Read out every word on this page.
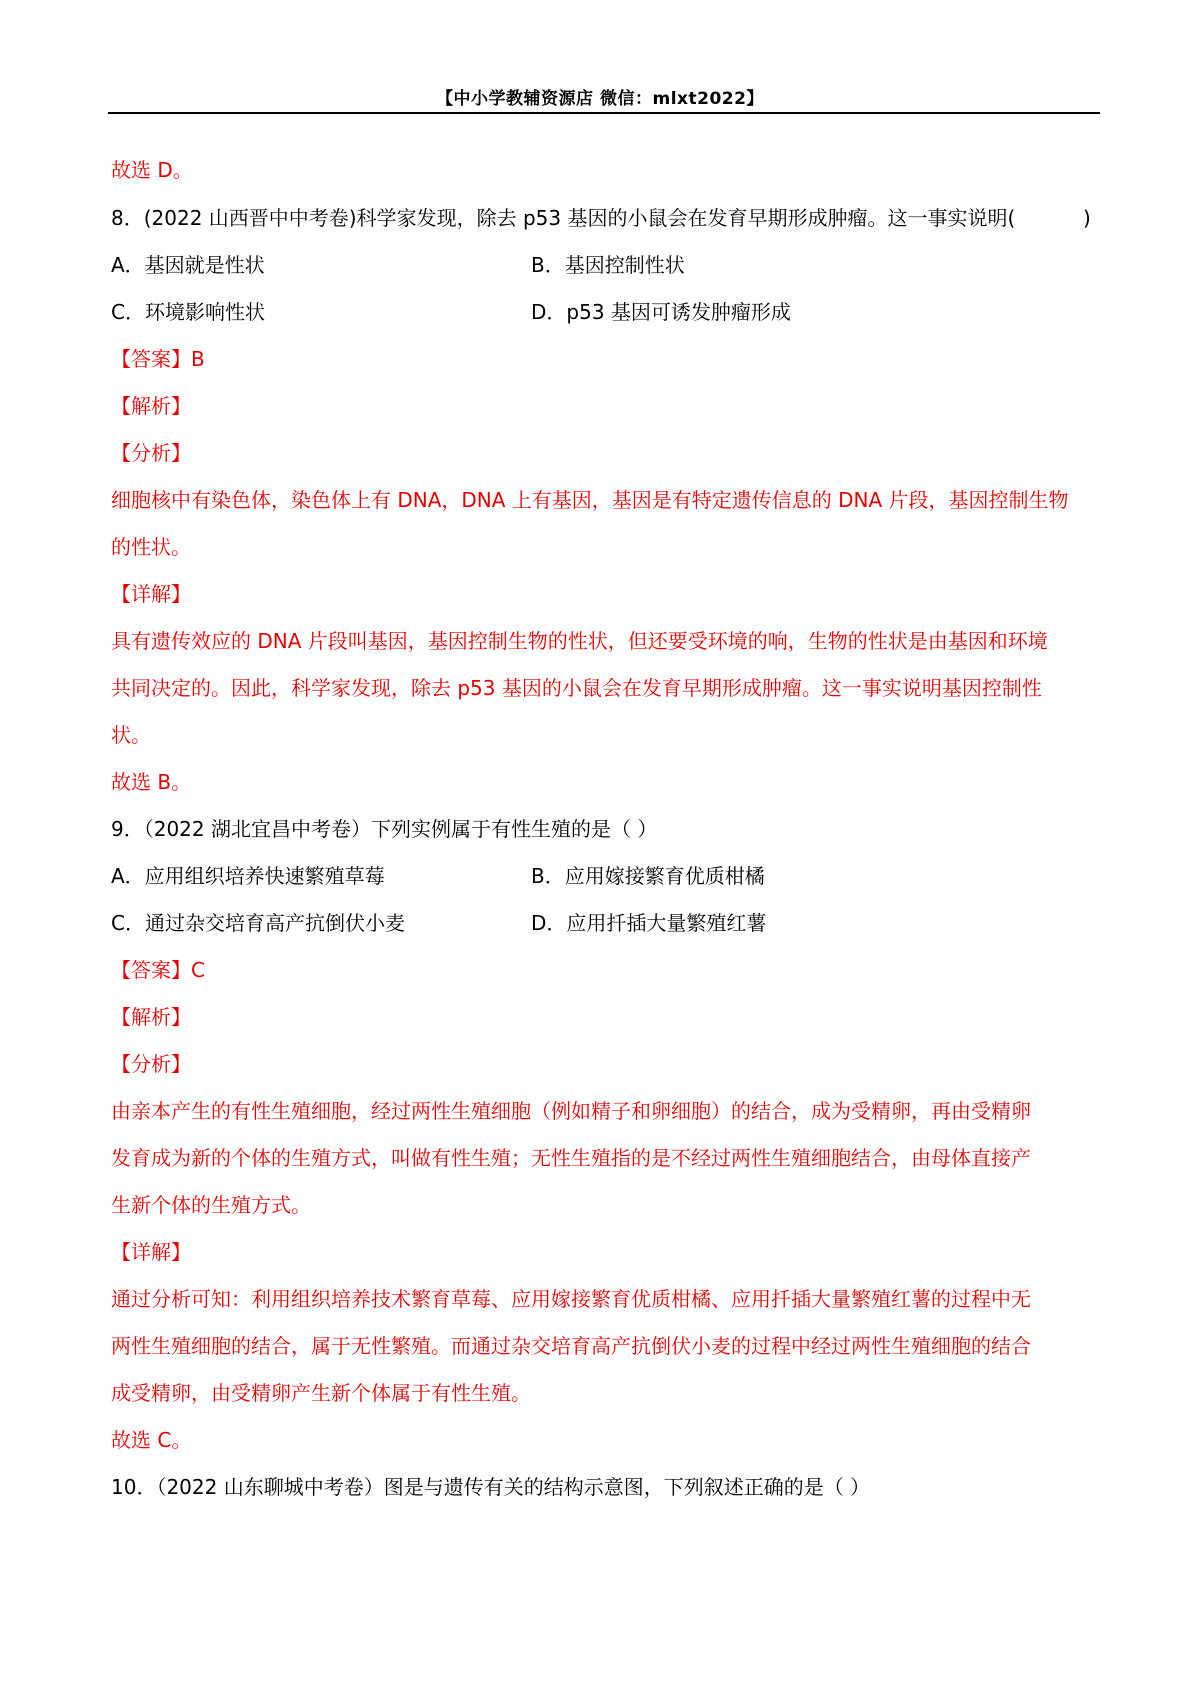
【中小学教辅资源店 微信：mlxt2022】
故选 D。
8．(2022 山西晋中中考卷)科学家发现，除去 p53 基因的小鼠会在发育早期形成肿瘤。这一事实说明(	)
A．基因就是性状	B．基因控制性状
C．环境影响性状	D．p53 基因可诱发肿瘤形成
【答案】B
【解析】
【分析】
细胞核中有染色体，染色体上有 DNA，DNA 上有基因，基因是有特定遗传信息的 DNA 片段，基因控制生物
的性状。
【详解】
具有遗传效应的 DNA 片段叫基因，基因控制生物的性状，但还要受环境的响，生物的性状是由基因和环境
共同决定的。因此，科学家发现，除去 p53 基因的小鼠会在发育早期形成肿瘤。这一事实说明基因控制性
状。
故选 B。
9．（2022 湖北宜昌中考卷）下列实例属于有性生殖的是（ ）
A．应用组织培养快速繁殖草莓	B．应用嫁接繁育优质柑橘
C．通过杂交培育高产抗倒伏小麦	D．应用扦插大量繁殖红薯
【答案】C
【解析】
【分析】
由亲本产生的有性生殖细胞，经过两性生殖细胞（例如精子和卵细胞）的结合，成为受精卵，再由受精卵
发育成为新的个体的生殖方式，叫做有性生殖；无性生殖指的是不经过两性生殖细胞结合，由母体直接产
生新个体的生殖方式。
【详解】
通过分析可知：利用组织培养技术繁育草莓、应用嫁接繁育优质柑橘、应用扦插大量繁殖红薯的过程中无
两性生殖细胞的结合，属于无性繁殖。而通过杂交培育高产抗倒伏小麦的过程中经过两性生殖细胞的结合
成受精卵，由受精卵产生新个体属于有性生殖。
故选 C。
10．（2022 山东聊城中考卷）图是与遗传有关的结构示意图，下列叙述正确的是（ ）
